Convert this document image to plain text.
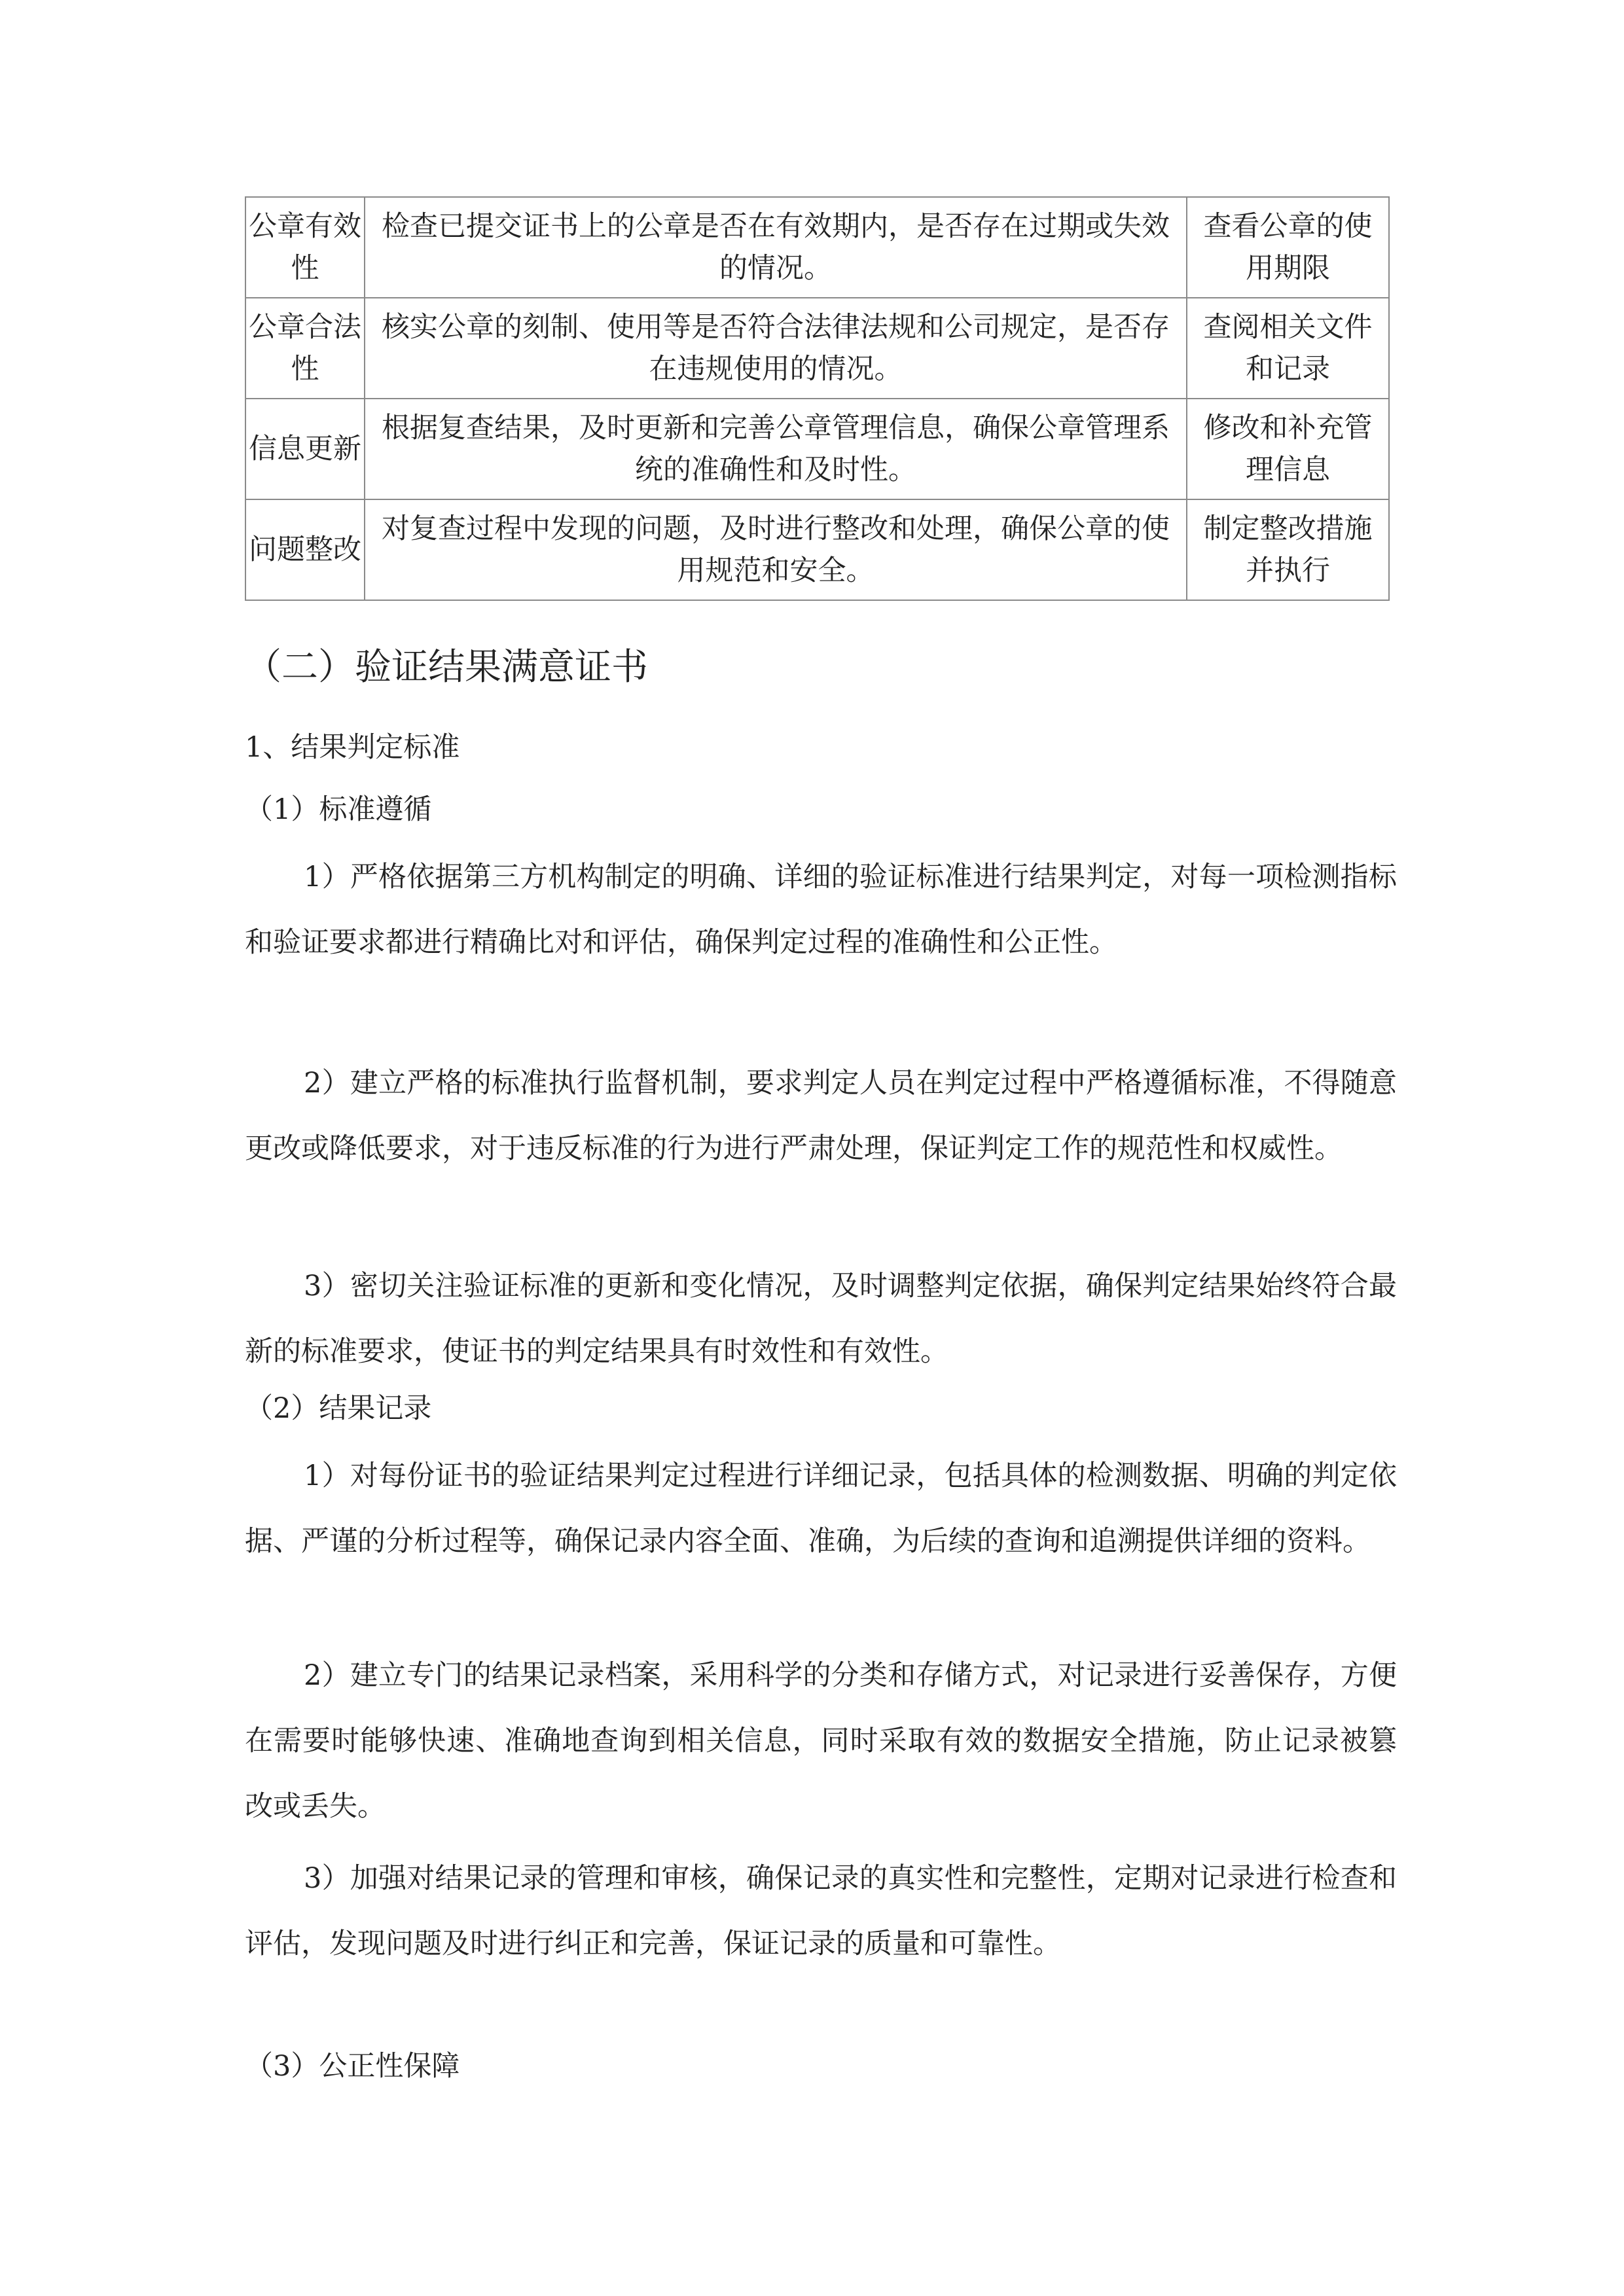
公章有效性	检查已提交证书上的公章是否在有效期内，是否存在过期或失效的情况。	查看公章的使用期限
公章合法性	核实公章的刻制、使用等是否符合法律法规和公司规定，是否存在违规使用的情况。	查阅相关文件和记录
信息更新	根据复查结果，及时更新和完善公章管理信息，确保公章管理系统的准确性和及时性。	修改和补充管理信息
问题整改	对复查过程中发现的问题，及时进行整改和处理，确保公章的使用规范和安全。	制定整改措施并执行
（二）验证结果满意证书
1、结果判定标准
（1）标准遵循
1）严格依据第三方机构制定的明确、详细的验证标准进行结果判定，对每一项检测指标和验证要求都进行精确比对和评估，确保判定过程的准确性和公正性。
2）建立严格的标准执行监督机制，要求判定人员在判定过程中严格遵循标准，不得随意更改或降低要求，对于违反标准的行为进行严肃处理，保证判定工作的规范性和权威性。
3）密切关注验证标准的更新和变化情况，及时调整判定依据，确保判定结果始终符合最新的标准要求，使证书的判定结果具有时效性和有效性。
（2）结果记录
1）对每份证书的验证结果判定过程进行详细记录，包括具体的检测数据、明确的判定依据、严谨的分析过程等，确保记录内容全面、准确，为后续的查询和追溯提供详细的资料。
2）建立专门的结果记录档案，采用科学的分类和存储方式，对记录进行妥善保存，方便在需要时能够快速、准确地查询到相关信息，同时采取有效的数据安全措施，防止记录被篡改或丢失。
3）加强对结果记录的管理和审核，确保记录的真实性和完整性，定期对记录进行检查和评估，发现问题及时进行纠正和完善，保证记录的质量和可靠性。
（3）公正性保障
